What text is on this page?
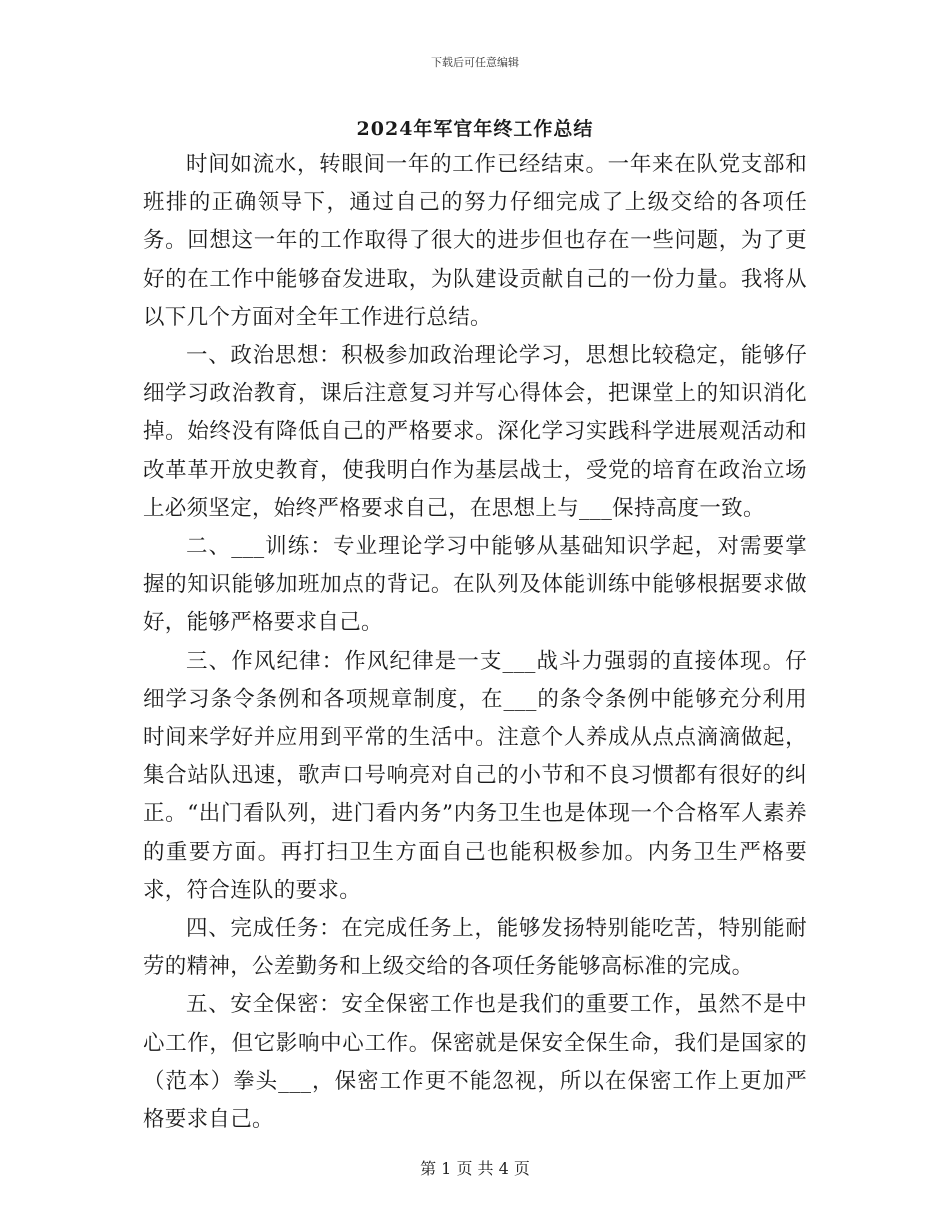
下载后可任意编辑
2024年军官年终工作总结

时间如流水，转眼间一年的工作已经结束。一年来在队党支部和班排的正确领导下，通过自己的努力仔细完成了上级交给的各项任务。回想这一年的工作取得了很大的进步但也存在一些问题，为了更好的在工作中能够奋发进取，为队建设贡献自己的一份力量。我将从以下几个方面对全年工作进行总结。

一、政治思想：积极参加政治理论学习，思想比较稳定，能够仔细学习政治教育，课后注意复习并写心得体会，把课堂上的知识消化掉。始终没有降低自己的严格要求。深化学习实践科学进展观活动和改革革开放史教育，使我明白作为基层战士，受党的培育在政治立场上必须坚定，始终严格要求自己，在思想上与___保持高度一致。

二、___训练：专业理论学习中能够从基础知识学起，对需要掌握的知识能够加班加点的背记。在队列及体能训练中能够根据要求做好，能够严格要求自己。

三、作风纪律：作风纪律是一支___战斗力强弱的直接体现。仔细学习条令条例和各项规章制度，在___的条令条例中能够充分利用时间来学好并应用到平常的生活中。注意个人养成从点点滴滴做起，集合站队迅速，歌声口号响亮对自己的小节和不良习惯都有很好的纠正。“出门看队列，进门看内务”内务卫生也是体现一个合格军人素养的重要方面。再打扫卫生方面自己也能积极参加。内务卫生严格要求，符合连队的要求。

四、完成任务：在完成任务上，能够发扬特别能吃苦，特别能耐劳的精神，公差勤务和上级交给的各项任务能够高标准的完成。

五、安全保密：安全保密工作也是我们的重要工作，虽然不是中心工作，但它影响中心工作。保密就是保安全保生命，我们是国家的（范本）拳头___，保密工作更不能忽视，所以在保密工作上更加严格要求自己。

第 1 页 共 4 页
